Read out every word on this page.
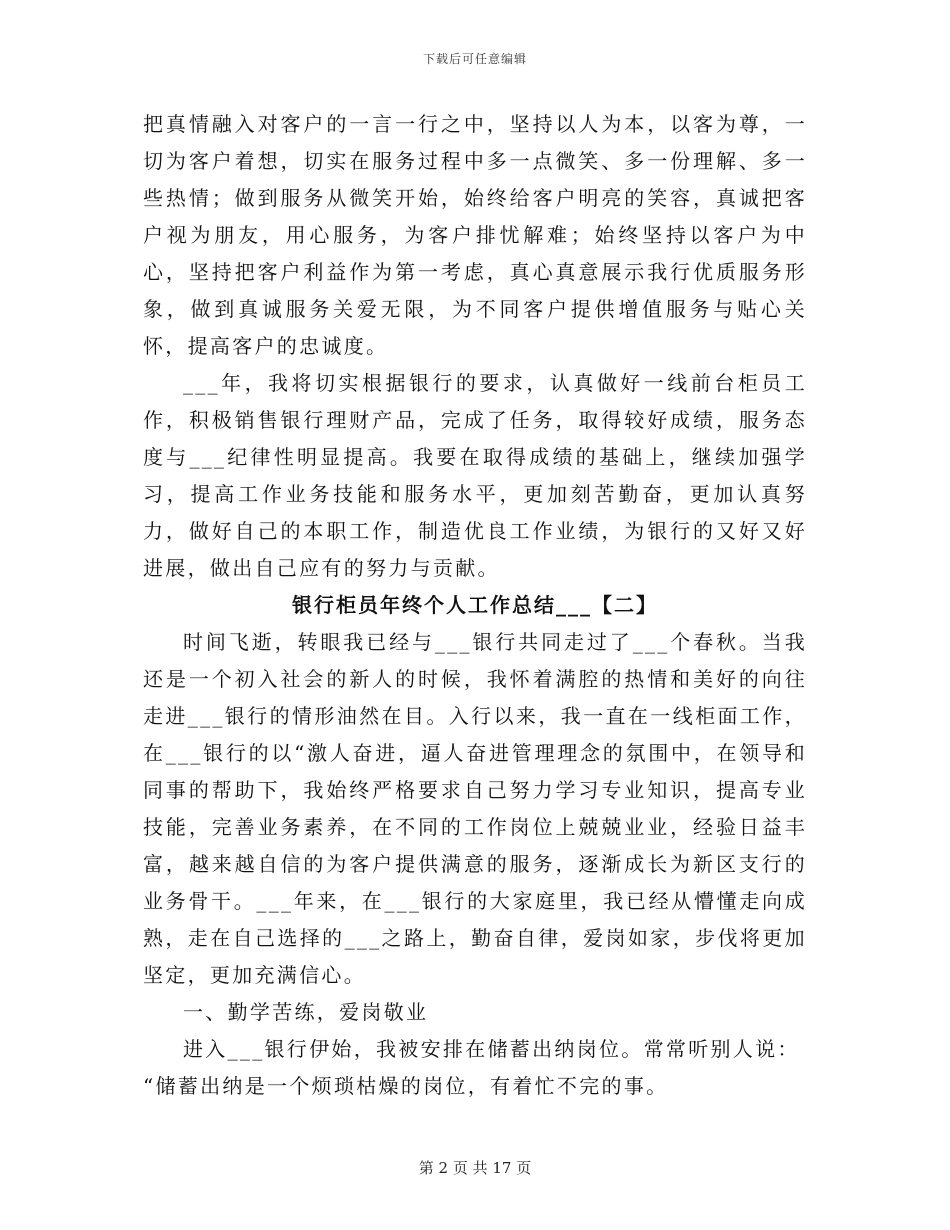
下载后可任意编辑

把真情融入对客户的一言一行之中，坚持以人为本，以客为尊，一切为客户着想，切实在服务过程中多一点微笑、多一份理解、多一些热情；做到服务从微笑开始，始终给客户明亮的笑容，真诚把客户视为朋友，用心服务，为客户排忧解难；始终坚持以客户为中心，坚持把客户利益作为第一考虑，真心真意展示我行优质服务形象，做到真诚服务关爱无限，为不同客户提供增值服务与贴心关怀，提高客户的忠诚度。

___年，我将切实根据银行的要求，认真做好一线前台柜员工作，积极销售银行理财产品，完成了任务，取得较好成绩，服务态度与___纪律性明显提高。我要在取得成绩的基础上，继续加强学习，提高工作业务技能和服务水平，更加刻苦勤奋，更加认真努力，做好自己的本职工作，制造优良工作业绩，为银行的又好又好进展，做出自己应有的努力与贡献。

银行柜员年终个人工作总结___【二】

时间飞逝，转眼我已经与___银行共同走过了___个春秋。当我还是一个初入社会的新人的时候，我怀着满腔的热情和美好的向往走进___银行的情形油然在目。入行以来，我一直在一线柜面工作，在___银行的以“激人奋进，逼人奋进管理理念的氛围中，在领导和同事的帮助下，我始终严格要求自己努力学习专业知识，提高专业技能，完善业务素养，在不同的工作岗位上兢兢业业，经验日益丰富，越来越自信的为客户提供满意的服务，逐渐成长为新区支行的业务骨干。___年来，在___银行的大家庭里，我已经从懵懂走向成熟，走在自己选择的___之路上，勤奋自律，爱岗如家，步伐将更加坚定，更加充满信心。

一、勤学苦练，爱岗敬业

进入___银行伊始，我被安排在储蓄出纳岗位。常常听别人说：

“储蓄出纳是一个烦琐枯燥的岗位，有着忙不完的事。

第 2 页 共 17 页
